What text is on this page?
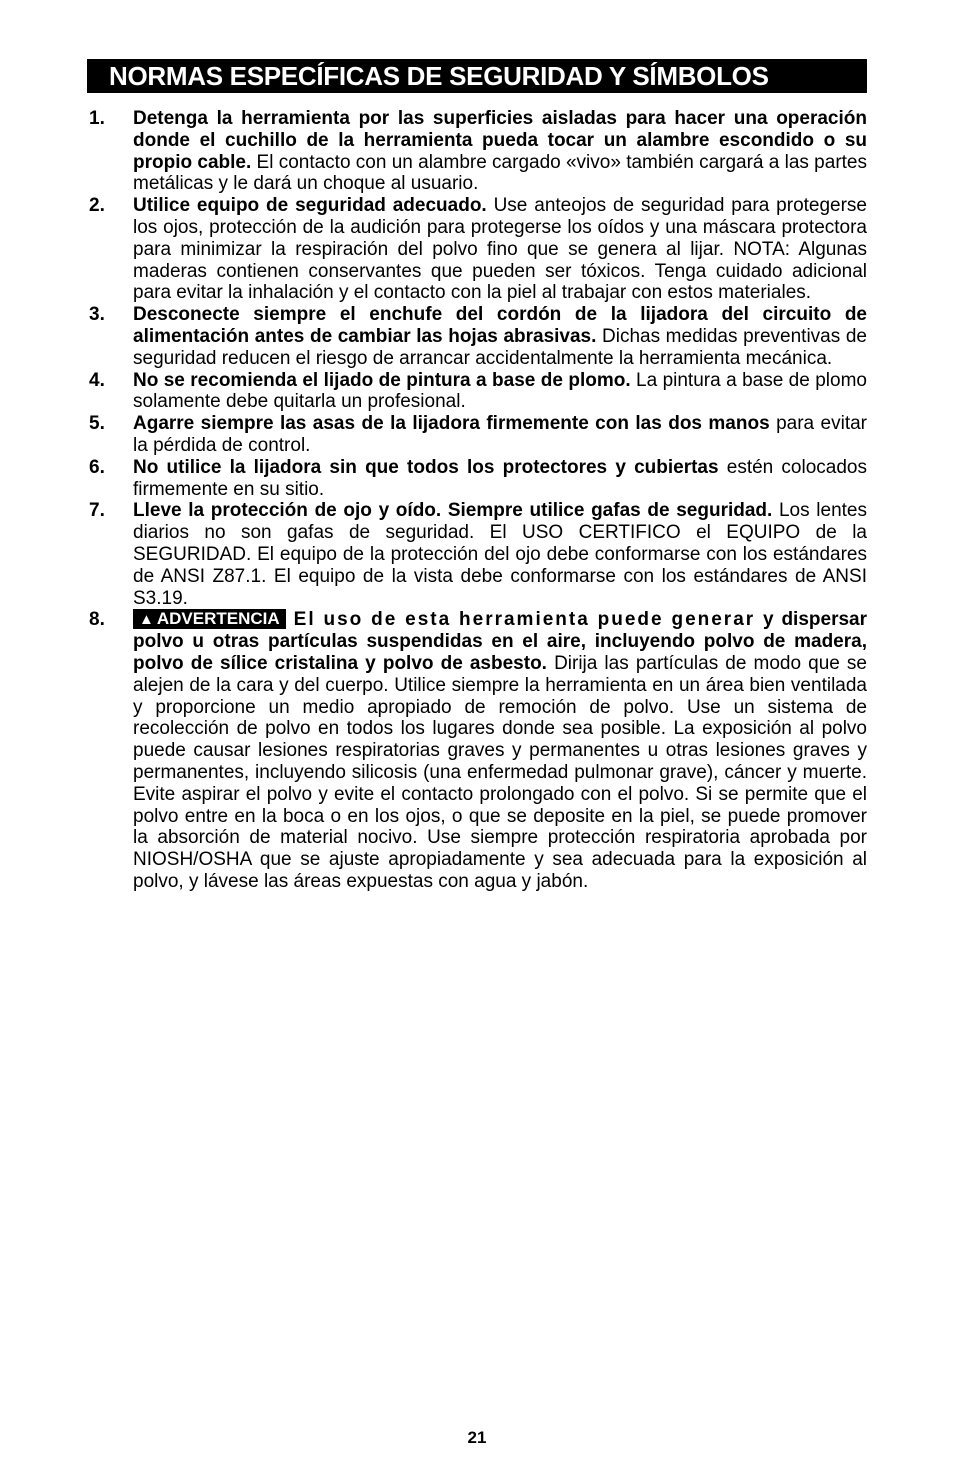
NORMAS ESPECÍFICAS DE SEGURIDAD Y SÍMBOLOS
1. Detenga la herramienta por las superficies aisladas para hacer una operación donde el cuchillo de la herramienta pueda tocar un alambre escondido o su propio cable. El contacto con un alambre cargado «vivo» también cargará a las partes metálicas y le dará un choque al usuario.
2. Utilice equipo de seguridad adecuado. Use anteojos de seguridad para protegerse los ojos, protección de la audición para protegerse los oídos y una máscara protectora para minimizar la respiración del polvo fino que se genera al lijar. NOTA: Algunas maderas contienen conservantes que pueden ser tóxicos. Tenga cuidado adicional para evitar la inhalación y el contacto con la piel al trabajar con estos materiales.
3. Desconecte siempre el enchufe del cordón de la lijadora del circuito de alimentación antes de cambiar las hojas abrasivas. Dichas medidas preventivas de seguridad reducen el riesgo de arrancar accidentalmente la herramienta mecánica.
4. No se recomienda el lijado de pintura a base de plomo. La pintura a base de plomo solamente debe quitarla un profesional.
5. Agarre siempre las asas de la lijadora firmemente con las dos manos para evitar la pérdida de control.
6. No utilice la lijadora sin que todos los protectores y cubiertas estén colocados firmemente en su sitio.
7. Lleve la protección de ojo y oído. Siempre utilice gafas de seguridad. Los lentes diarios no son gafas de seguridad. El USO CERTIFICO el EQUIPO de la SEGURIDAD. El equipo de la protección del ojo debe conformarse con los estándares de ANSI Z87.1. El equipo de la vista debe conformarse con los estándares de ANSI S3.19.
8.	▲ ADVERTENCIA El uso de esta herramienta puede generar y dispersar polvo u otras partículas suspendidas en el aire, incluyendo polvo de madera, polvo de sílice cristalina y polvo de asbesto. Dirija las partículas de modo que se alejen de la cara y del cuerpo. Utilice siempre la herramienta en un área bien ventilada y proporcione un medio apropiado de remoción de polvo. Use un sistema de recolección de polvo en todos los lugares donde sea posible. La exposición al polvo puede causar lesiones respiratorias graves y permanentes u otras lesiones graves y permanentes, incluyendo silicosis (una enfermedad pulmonar grave), cáncer y muerte. Evite aspirar el polvo y evite el contacto prolongado con el polvo. Si se permite que el polvo entre en la boca o en los ojos, o que se deposite en la piel, se puede promover la absorción de material nocivo. Use siempre protección respiratoria aprobada por NIOSH/OSHA que se ajuste apropiadamente y sea adecuada para la exposición al polvo, y lávese las áreas expuestas con agua y jabón.
21
